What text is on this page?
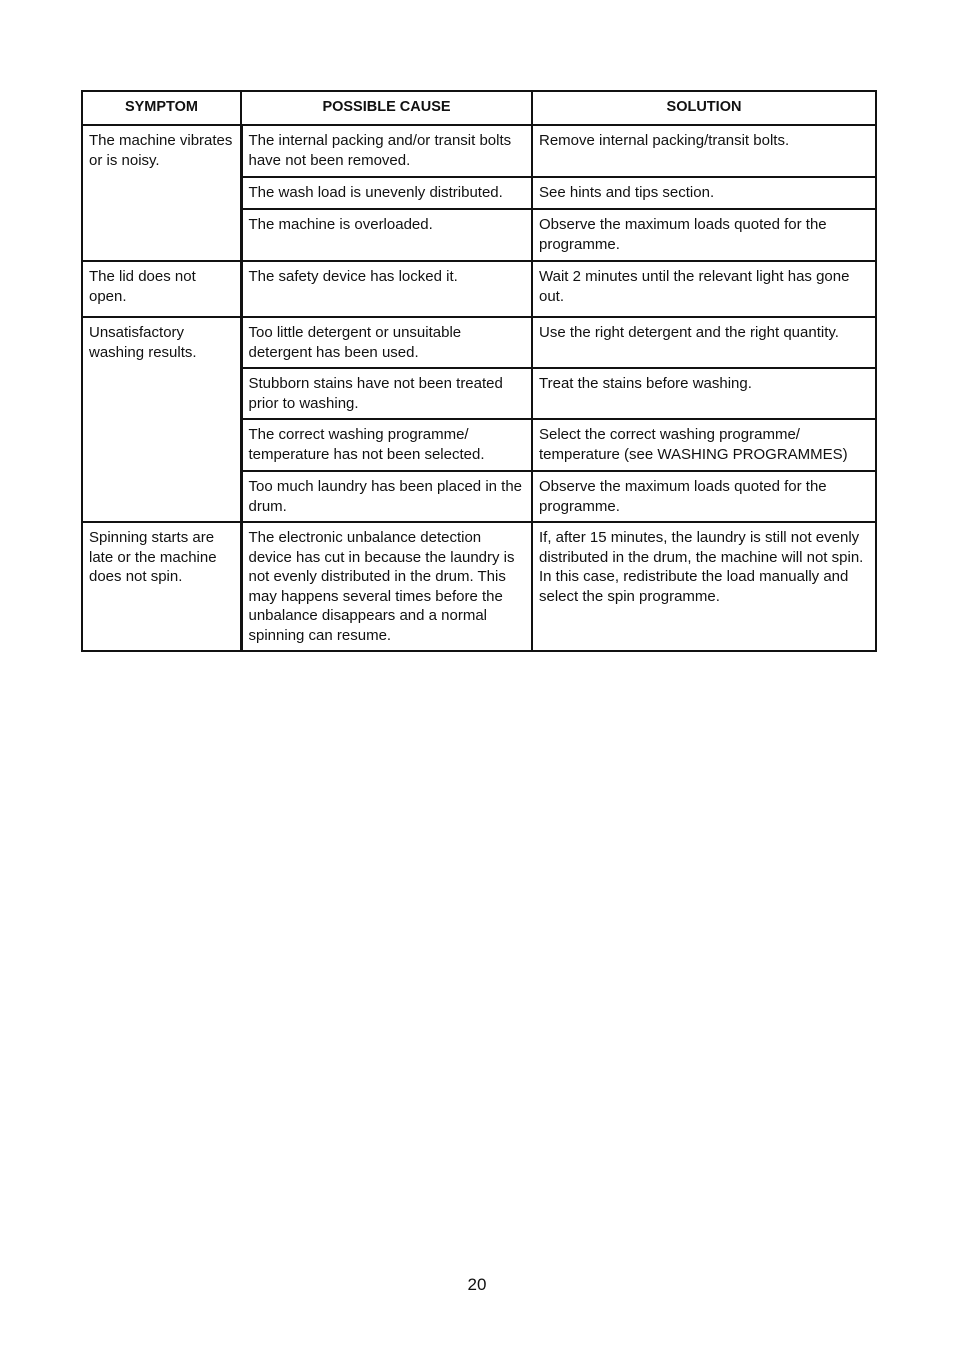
SYMPTOM	POSSIBLE CAUSE	SOLUTION
The machine vibrates or is noisy.	The internal packing and/or transit bolts have not been removed.	Remove internal packing/transit bolts.
	The wash load is unevenly distributed.	See hints and tips section.
	The machine is overloaded.	Observe the maximum loads quoted for the programme.
The lid does not open.	The safety device has locked it.	Wait 2 minutes until the relevant light has gone out.
Unsatisfactory washing results.	Too little detergent or unsuitable detergent has been used.	Use the right detergent and the right quantity.
	Stubborn stains have not been treated prior to washing.	Treat the stains before washing.
	The correct washing programme/ temperature has not been selected.	Select the correct washing programme/ temperature (see WASHING PROGRAMMES)
	Too much laundry has been placed in the drum.	Observe the maximum loads quoted for the programme.
Spinning starts are late or the machine does not spin.	The electronic unbalance detection device has cut in because the laundry is not evenly distributed in the drum. This may happens several times before the unbalance disappears and a normal spinning can resume.	If, after 15 minutes, the laundry is still not evenly distributed in the drum, the machine will not spin. In this case, redistribute the load manually and select the spin programme.
20
